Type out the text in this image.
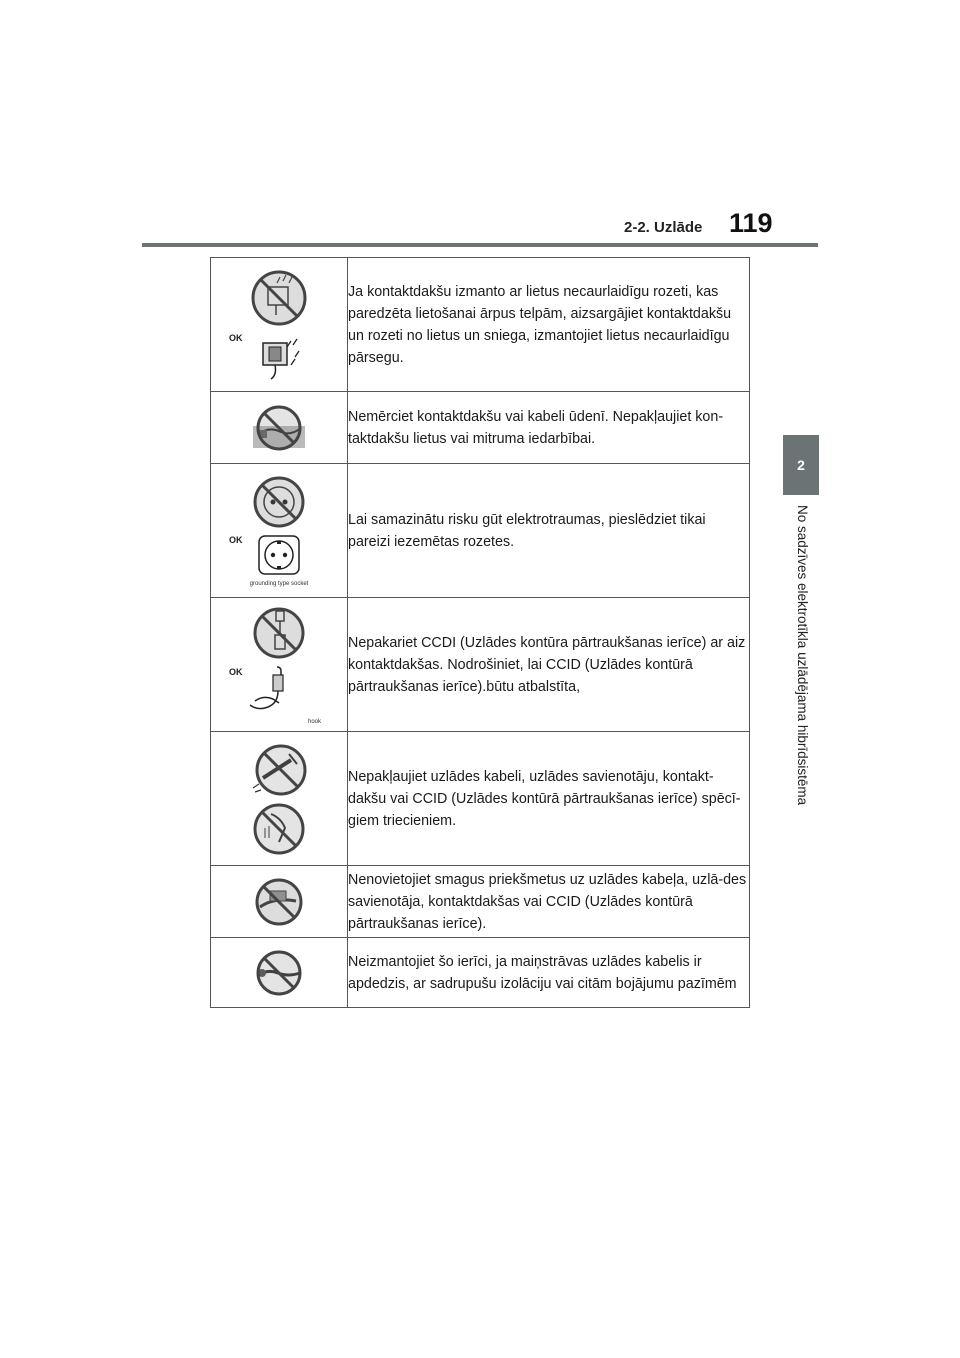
2-2. Uzlāde 119
2
No sadzīves elektrotīkla uzlādējama hibrīdsistēma
OK	Ja kontaktdakšu izmanto ar lietus necaurlaidīgu rozeti, kas paredzēta lietošanai ārpus telpām, aizsargājiet kontaktdakšu un rozeti no lietus un sniega, izmantojiet lietus necaurlaidīgu pārsegu.

	Nemērciet kontaktdakšu vai kabeli ūdenī. Nepakļaujiet kon-taktdakšu lietus vai mitruma iedarbībai.

OK
grounding type socket	Lai samazinātu risku gūt elektrotraumas, pieslēdziet tikai pareizi iezemētas rozetes.

OK
hook	Nepakariet CCDI (Uzlādes kontūra pārtraukšanas ierīce) ar aiz kontaktdakšas. Nodrošiniet, lai CCID (Uzlādes kontūrā pārtraukšanas ierīce).būtu atbalstīta,

	Nepakļaujiet uzlādes kabeli, uzlādes savienotāju, kontakt-dakšu vai CCID (Uzlādes kontūrā pārtraukšanas ierīce) spēcī-giem triecieniem.

	Nenovietojiet smagus priekšmetus uz uzlādes kabeļa, uzlā-des savienotāja, kontaktdakšas vai CCID (Uzlādes kontūrā pārtraukšanas ierīce).

	Neizmantojiet šo ierīci, ja maiņstrāvas uzlādes kabelis ir apdedzis, ar sadrupušu izolāciju vai citām bojājumu pazīmēm
